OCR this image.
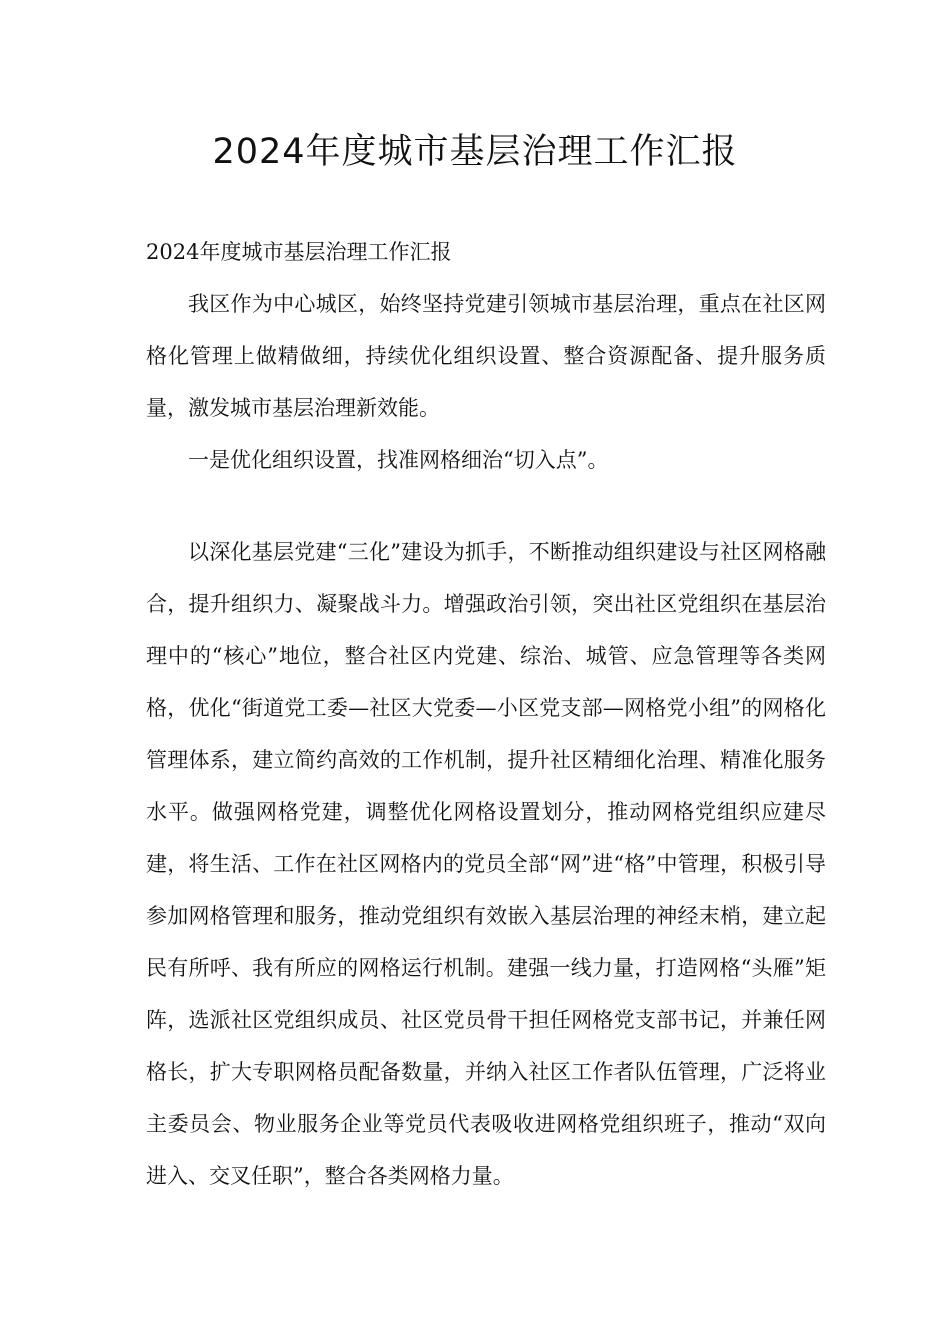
2024年度城市基层治理工作汇报

2024年度城市基层治理工作汇报

我区作为中心城区，始终坚持党建引领城市基层治理，重点在社区网格化管理上做精做细，持续优化组织设置、整合资源配备、提升服务质量，激发城市基层治理新效能。

一是优化组织设置，找准网格细治“切入点”。

以深化基层党建“三化”建设为抓手，不断推动组织建设与社区网格融合，提升组织力、凝聚战斗力。增强政治引领，突出社区党组织在基层治理中的“核心”地位，整合社区内党建、综治、城管、应急管理等各类网格，优化“街道党工委—社区大党委—小区党支部—网格党小组”的网格化管理体系，建立简约高效的工作机制，提升社区精细化治理、精准化服务水平。做强网格党建，调整优化网格设置划分，推动网格党组织应建尽建，将生活、工作在社区网格内的党员全部“网”进“格”中管理，积极引导参加网格管理和服务，推动党组织有效嵌入基层治理的神经末梢，建立起民有所呼、我有所应的网格运行机制。建强一线力量，打造网格“头雁”矩阵，选派社区党组织成员、社区党员骨干担任网格党支部书记，并兼任网格长，扩大专职网格员配备数量，并纳入社区工作者队伍管理，广泛将业主委员会、物业服务企业等党员代表吸收进网格党组织班子，推动“双向进入、交叉任职”，整合各类网格力量。
